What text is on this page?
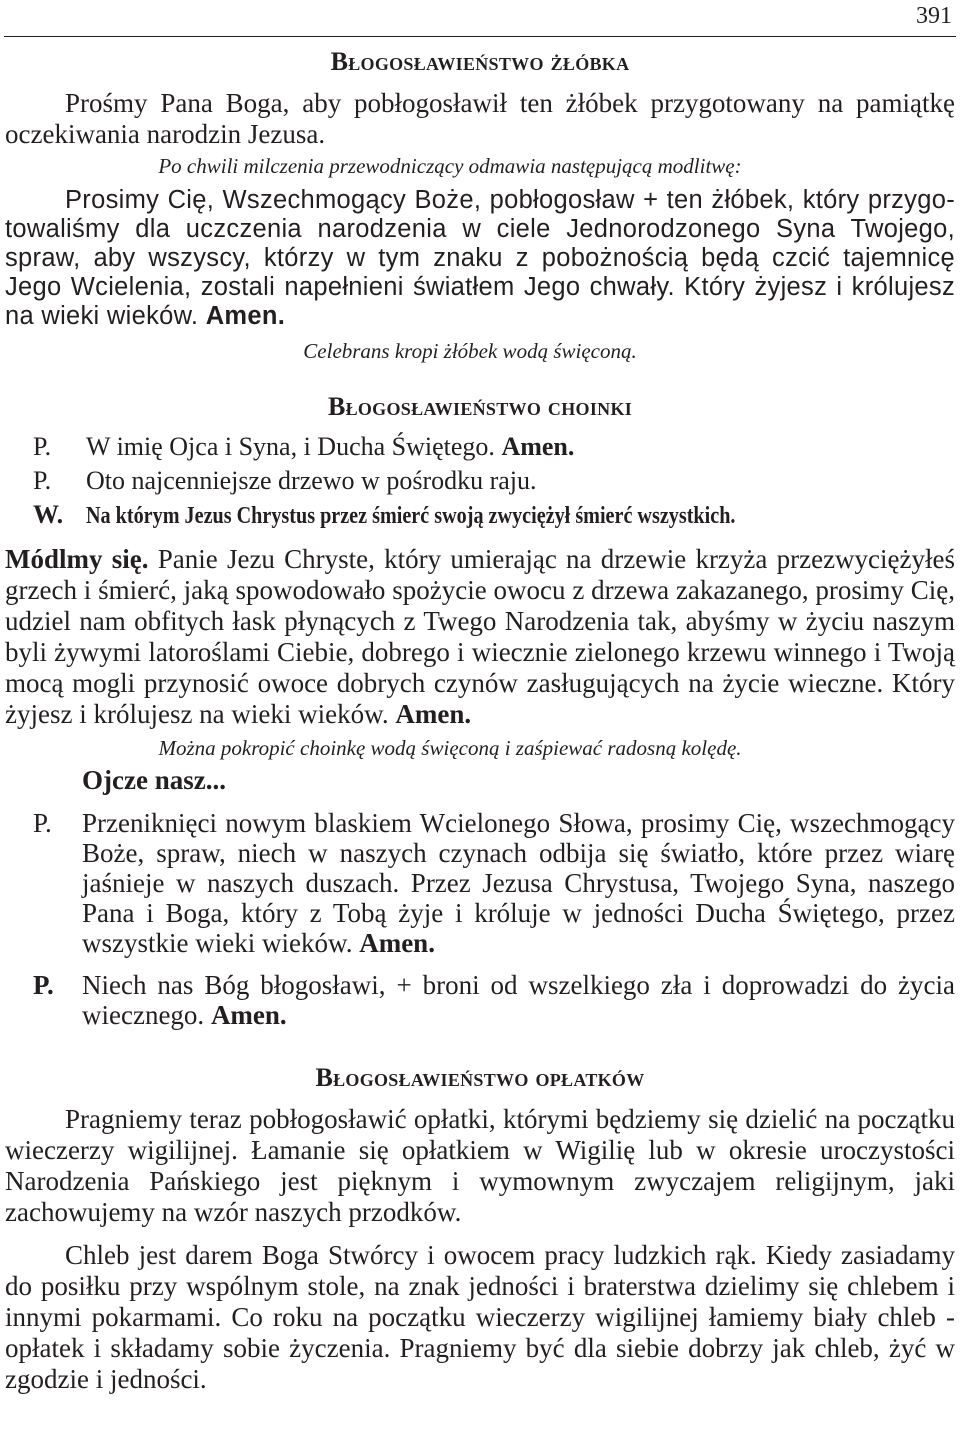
391
Błogosławieństwo żłóbka

Prośmy Pana Boga, aby pobłogosławił ten żłóbek przygotowany na pamiątkę oczekiwania narodzin Jezusa.

Po chwili milczenia przewodniczący odmawia następującą modlitwę:

Prosimy Cię, Wszechmogący Boże, pobłogosław + ten żłóbek, który przygo- towaliśmy dla uczczenia narodzenia w ciele Jednorodzonego Syna Twojego, spraw, aby wszyscy, którzy w tym znaku z pobożnością będą czcić tajemnicę Jego Wcielenia, zostali napełnieni światłem Jego chwały. Który żyjesz i królujesz na wieki wieków. Amen.

Celebrans kropi żłóbek wodą święconą.

Błogosławieństwo choinki
P.	W imię Ojca i Syna, i Ducha Świętego. Amen.
P.	Oto najcenniejsze drzewo w pośrodku raju.
W. Na którym Jezus Chrystus przez śmierć swoją zwyciężył śmierć wszystkich.

Módlmy się. Panie Jezu Chryste, który umierając na drzewie krzyża przezwyciężyłeś grzech i śmierć, jaką spowodowało spożycie owocu z drzewa zakazanego, prosimy Cię, udziel nam obfitych łask płynących z Twego Narodzenia tak, abyśmy w życiu naszym byli żywymi latoroślami Ciebie, dobrego i wiecznie zielonego krzewu winnego i Twoją mocą mogli przynosić owoce dobrych czynów zasługujących na życie wieczne. Który żyjesz i królujesz na wieki wieków. Amen.

Można pokropić choinkę wodą święconą i zaśpiewać radosną kolędę.

Ojcze nasz...

P.	Przeniknięci nowym blaskiem Wcielonego Słowa, prosimy Cię, wszechmogący Boże, spraw, niech w naszych czynach odbija się światło, które przez wiarę jaśnieje w naszych duszach. Przez Jezusa Chrystusa, Twojego Syna, naszego Pana i Boga, który z Tobą żyje i króluje w jedności Ducha Świętego, przez wszystkie wieki wieków. Amen.
P.	Niech nas Bóg błogosławi, + broni od wszelkiego zła i doprowadzi do życia wiecznego. Amen.
Błogosławieństwo opłatków

Pragniemy teraz pobłogosławić opłatki, którymi będziemy się dzielić na początku wieczerzy wigilijnej. Łamanie się opłatkiem w Wigilię lub w okresie uroczystości Narodzenia Pańskiego jest pięknym i wymownym zwyczajem religijnym, jaki zachowujemy na wzór naszych przodków.

Chleb jest darem Boga Stwórcy i owocem pracy ludzkich rąk. Kiedy zasiadamy do posiłku przy wspólnym stole, na znak jedności i braterstwa dzielimy się chlebem i innymi pokarmami. Co roku na początku wieczerzy wigilijnej łamiemy biały chleb - opłatek i składamy sobie życzenia. Pragniemy być dla siebie dobrzy jak chleb, żyć w zgodzie i jedności.
